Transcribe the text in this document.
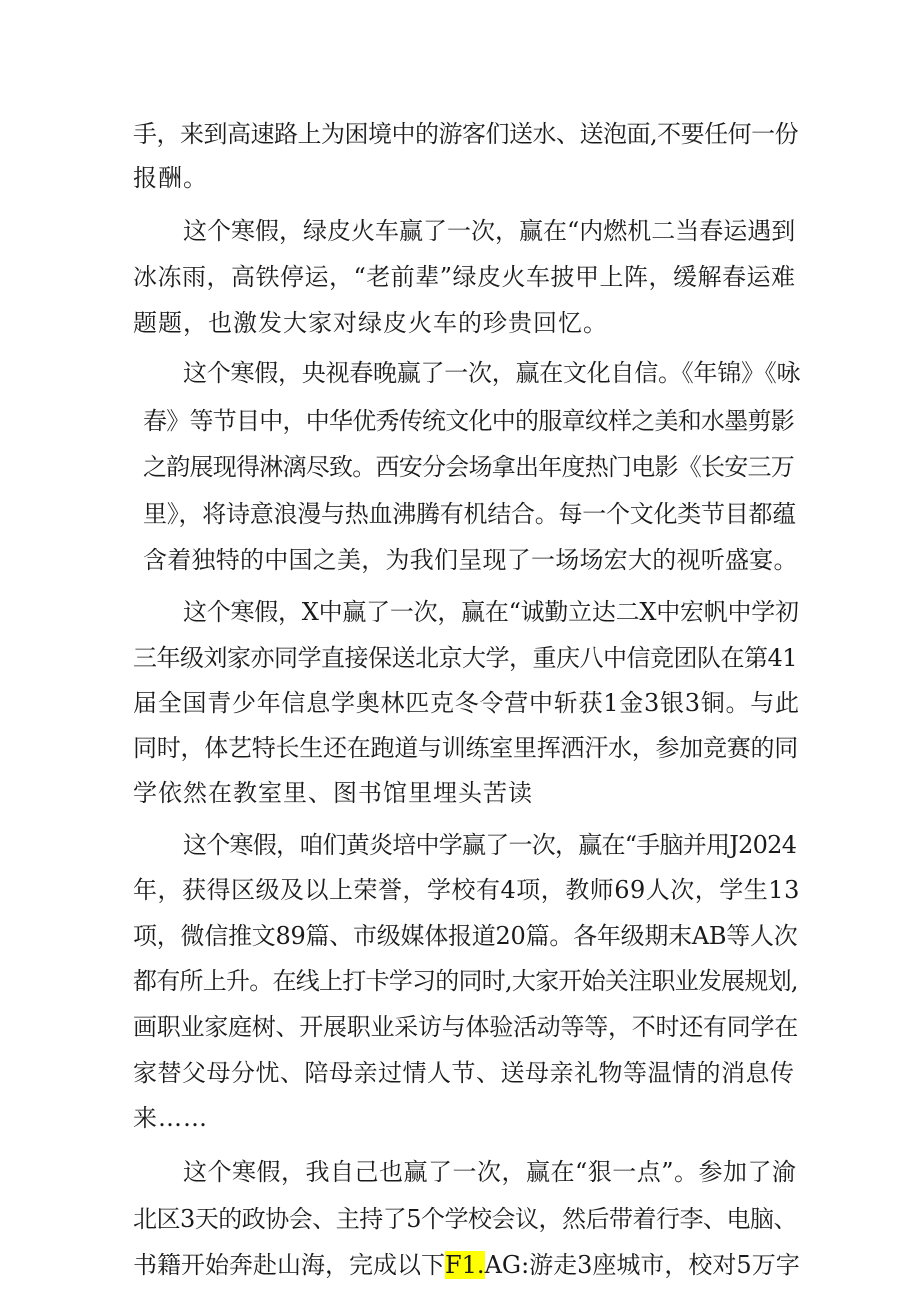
手，来到高速路上为困境中的游客们送水、送泡面,不要任何一份
报酬。
这个寒假，绿皮火车赢了一次，赢在“内燃机二当春运遇到
冰冻雨，高铁停运，“老前辈”绿皮火车披甲上阵，缓解春运难
题题，也激发大家对绿皮火车的珍贵回忆。
这个寒假，央视春晚赢了一次，赢在文化自信。《年锦》《咏
春》等节目中，中华优秀传统文化中的服章纹样之美和水墨剪影
之韵展现得淋漓尽致。西安分会场拿出年度热门电影《长安三万
里》，将诗意浪漫与热血沸腾有机结合。每一个文化类节目都蕴
含着独特的中国之美，为我们呈现了一场场宏大的视听盛宴。
这个寒假，X中赢了一次，赢在“诚勤立达二X中宏帆中学初
三年级刘家亦同学直接保送北京大学，重庆八中信竞团队在第41
届全国青少年信息学奥林匹克冬令营中斩获1金3银3铜。与此
同时，体艺特长生还在跑道与训练室里挥洒汗水，参加竞赛的同
学依然在教室里、图书馆里埋头苦读
这个寒假，咱们黄炎培中学赢了一次，赢在“手脑并用J2024
年，获得区级及以上荣誉，学校有4项，教师69人次，学生13
项，微信推文89篇、市级媒体报道20篇。各年级期末AB等人次
都有所上升。在线上打卡学习的同时,大家开始关注职业发展规划,
画职业家庭树、开展职业采访与体验活动等等，不时还有同学在
家替父母分忧、陪母亲过情人节、送母亲礼物等温情的消息传
来……
这个寒假，我自己也赢了一次，赢在“狠一点”。参加了渝
北区3天的政协会、主持了5个学校会议，然后带着行李、电脑、
书籍开始奔赴山海，完成以下F1.AG:游走3座城市，校对5万字
